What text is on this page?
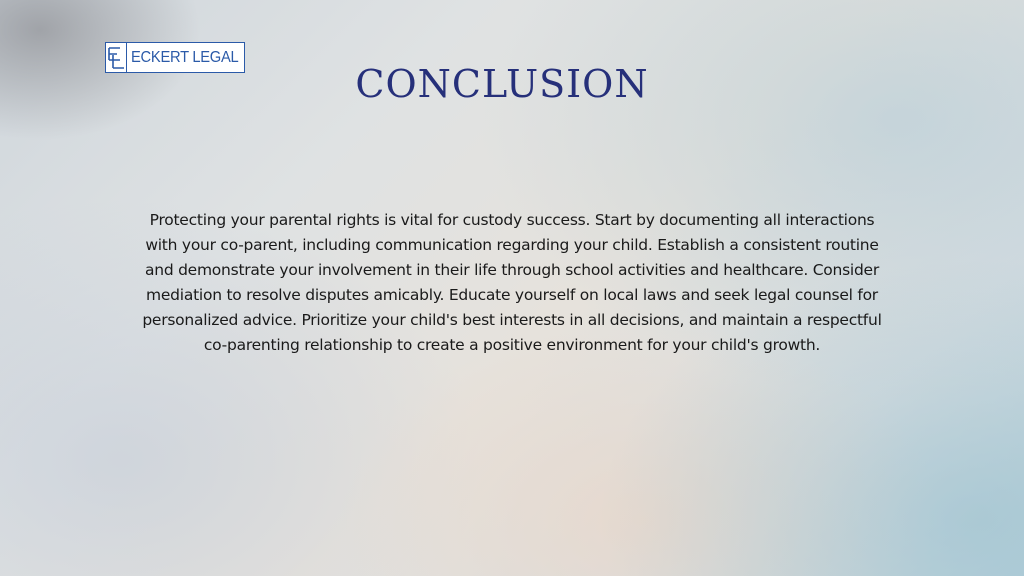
ECKERT LEGAL
CONCLUSION

Protecting your parental rights is vital for custody success. Start by documenting all interactions with your co-parent, including communication regarding your child. Establish a consistent routine and demonstrate your involvement in their life through school activities and healthcare. Consider mediation to resolve disputes amicably. Educate yourself on local laws and seek legal counsel for personalized advice. Prioritize your child's best interests in all decisions, and maintain a respectful co-parenting relationship to create a positive environment for your child's growth.
